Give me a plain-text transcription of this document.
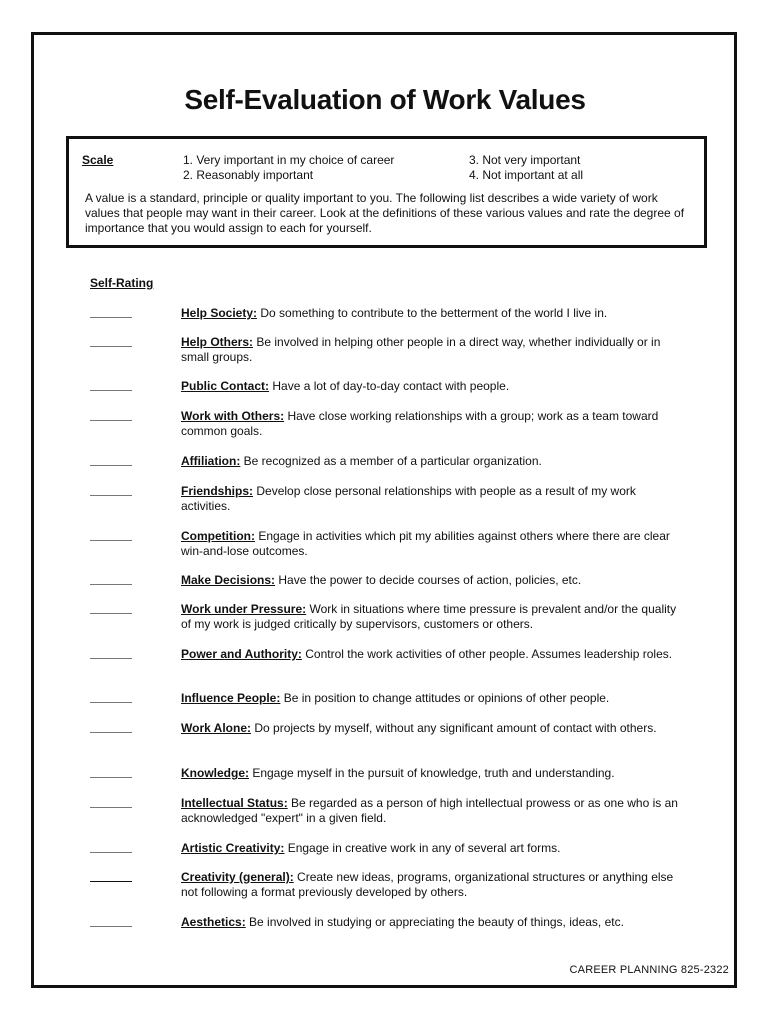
Self-Evaluation of Work Values
Scale	1. Very important in my choice of career
2. Reasonably important
3. Not very important
4. Not important at all
A value is a standard, principle or quality important to you. The following list describes a wide variety of work values that people may want in their career. Look at the definitions of these various values and rate the degree of importance that you would assign to each for yourself.
Self-Rating
Help Society: Do something to contribute to the betterment of the world I live in.
Help Others: Be involved in helping other people in a direct way, whether individually or in small groups.
Public Contact: Have a lot of day-to-day contact with people.
Work with Others: Have close working relationships with a group; work as a team toward common goals.
Affiliation: Be recognized as a member of a particular organization.
Friendships: Develop close personal relationships with people as a result of my work activities.
Competition: Engage in activities which pit my abilities against others where there are clear win-and-lose outcomes.
Make Decisions: Have the power to decide courses of action, policies, etc.
Work under Pressure: Work in situations where time pressure is prevalent and/or the quality of my work is judged critically by supervisors, customers or others.
Power and Authority: Control the work activities of other people. Assumes leadership roles.
Influence People: Be in position to change attitudes or opinions of other people.
Work Alone: Do projects by myself, without any significant amount of contact with others.
Knowledge: Engage myself in the pursuit of knowledge, truth and understanding.
Intellectual Status: Be regarded as a person of high intellectual prowess or as one who is an acknowledged "expert" in a given field.
Artistic Creativity: Engage in creative work in any of several art forms.
Creativity (general): Create new ideas, programs, organizational structures or anything else not following a format previously developed by others.
Aesthetics: Be involved in studying or appreciating the beauty of things, ideas, etc.
CAREER PLANNING 825-2322
